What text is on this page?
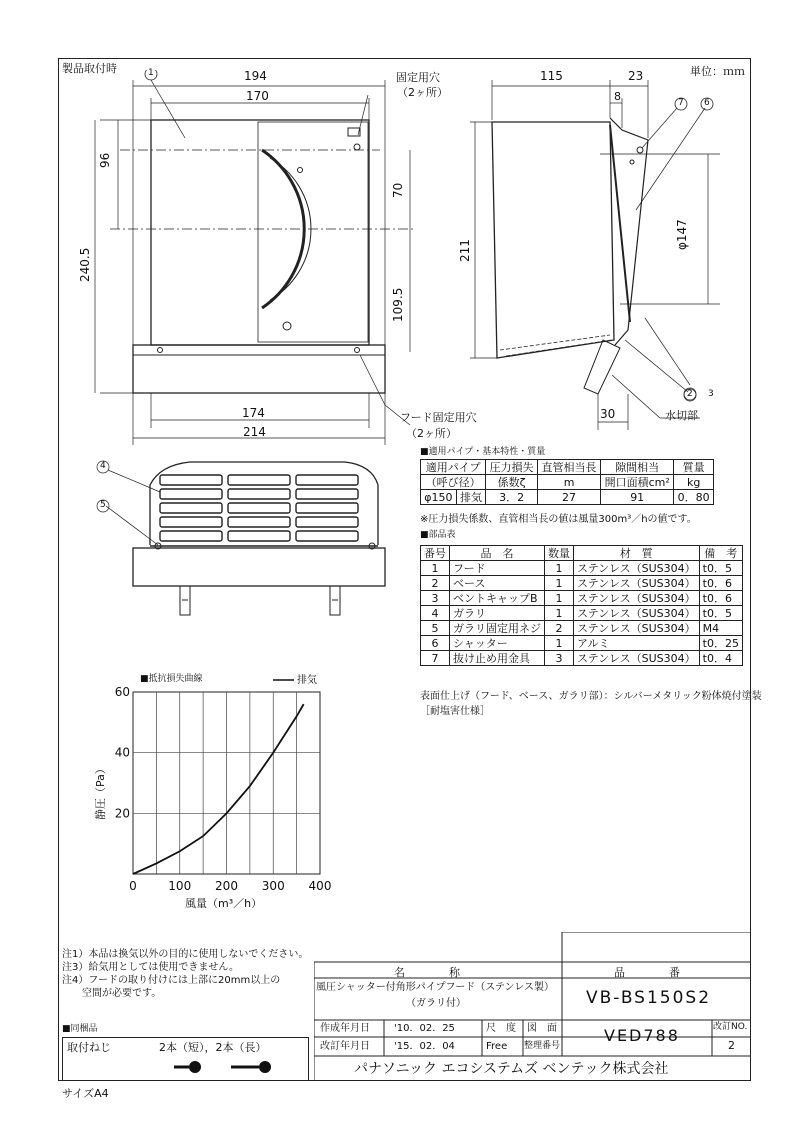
製品取付時	単位：ｍｍ
1	194
170
固定用穴
（2ヶ所）
96
240.5
70
109.5
174
214
フード固定用穴
（2ヶ所）
115	23
8	7 6
211
φ147
2
30	水切部
3
4
5
■適用パイプ・基本特性・質量
適用パイプ		圧力損失	直管相当長	隙間相当	質量
（呼び径）		係数ζ	m	開口面積cm²	kg
φ150	排気	3．2	27	91	0．80
※圧力損失係数、直管相当長の値は風量300m³／hの値です。
■部品表
番号	品　名	数量	材　質	備　考
1	フード	1	ステンレス（SUS304）	t0．5
2	ベース	1	ステンレス（SUS304）	t0．6
3	ベントキャップB	1	ステンレス（SUS304）	t0．6
4	ガラリ	1	ステンレス（SUS304）	t0．5
5	ガラリ固定用ネジ	2	ステンレス（SUS304）	M4
6	シャッター	1	アルミ	t0．25
7	抜け止め用金具	3	ステンレス（SUS304）	t0．4
表面仕上げ（フード、ベース、ガラリ部）：シルバーメタリック粉体焼付塗装
［耐塩害仕様］
0	100 200 300 400
20
40
60
■抵抗損失曲線	排気
静圧（Pa）
風量（m³／h）
注1）本品は換気以外の目的に使用しないでください。
注3）給気用としては使用できません。
注4）フードの取り付けには上部に20mm以上の
　　空間が必要です。
■同梱品
取付ねじ	2本（短），2本（長）
名　　　　称	品　　　　番
風圧シャッター付角形パイプフード（ステンレス製）
（ガラリ付）	VB-BS150S2
作成年月日 '10．02．25	尺　度 図　面
改訂年月日 '15．02．04	Free 整理番号
VED788	改訂NO.
2
パナソニック エコシステムズ ベンテック株式会社
サイズA4
